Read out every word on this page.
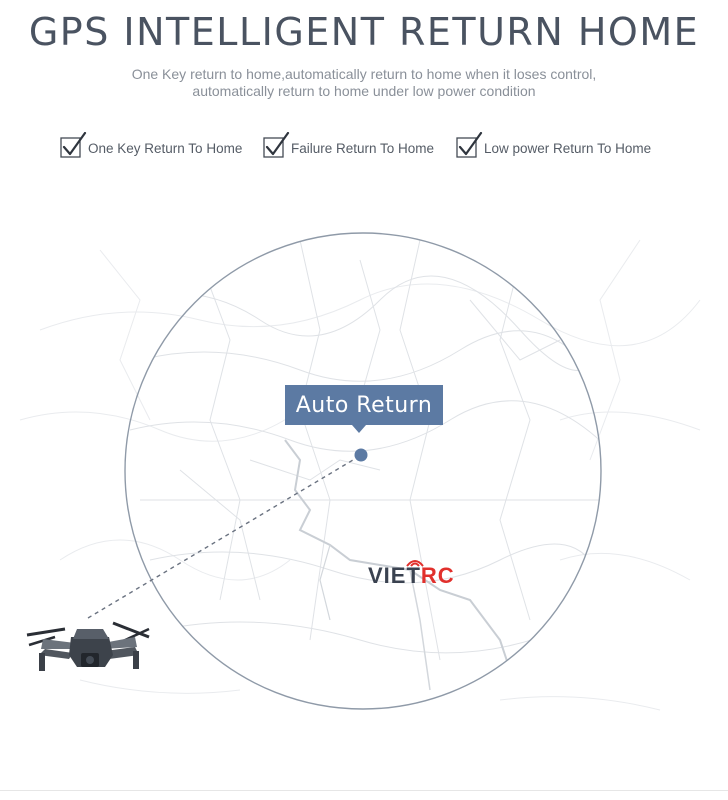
GPS INTELLIGENT RETURN HOME
One Key return to home,automatically return to home when it loses control,
automatically return to home under low power condition
One Key Return To Home	Failure Return To Home	Low power Return To Home
Auto Return
VIETRC
